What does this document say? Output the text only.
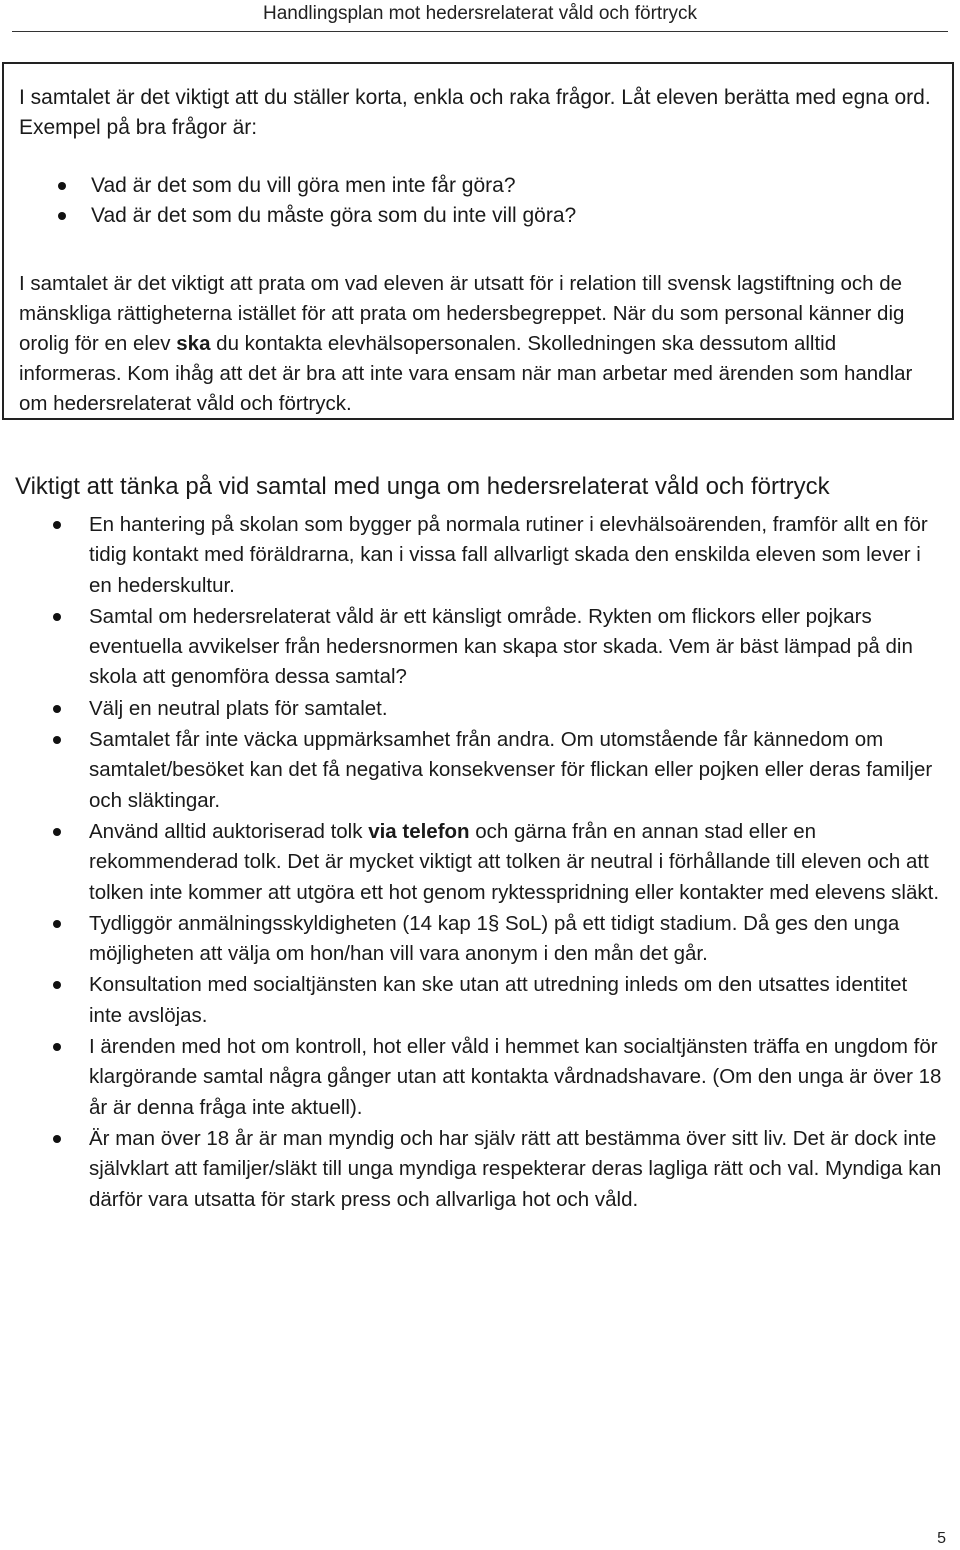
Handlingsplan mot hedersrelaterat våld och förtryck

I samtalet är det viktigt att du ställer korta, enkla och raka frågor. Låt eleven berätta med egna ord. Exempel på bra frågor är:

Vad är det som du vill göra men inte får göra?
Vad är det som du måste göra som du inte vill göra?

I samtalet är det viktigt att prata om vad eleven är utsatt för i relation till svensk lagstiftning och de mänskliga rättigheterna istället för att prata om hedersbegreppet. När du som personal känner dig orolig för en elev ska du kontakta elevhälsopersonalen. Skolledningen ska dessutom alltid informeras. Kom ihåg att det är bra att inte vara ensam när man arbetar med ärenden som handlar om hedersrelaterat våld och förtryck.

Viktigt att tänka på vid samtal med unga om hedersrelaterat våld och förtryck
En hantering på skolan som bygger på normala rutiner i elevhälsoärenden, framför allt en för tidig kontakt med föräldrarna, kan i vissa fall allvarligt skada den enskilda eleven som lever i en hederskultur.
Samtal om hedersrelaterat våld är ett känsligt område. Rykten om flickors eller pojkars eventuella avvikelser från hedersnormen kan skapa stor skada. Vem är bäst lämpad på din skola att genomföra dessa samtal?
Välj en neutral plats för samtalet.
Samtalet får inte väcka uppmärksamhet från andra. Om utomstående får kännedom om samtalet/besöket kan det få negativa konsekvenser för flickan eller pojken eller deras familjer och släktingar.
Använd alltid auktoriserad tolk via telefon och gärna från en annan stad eller en rekommenderad tolk. Det är mycket viktigt att tolken är neutral i förhållande till eleven och att tolken inte kommer att utgöra ett hot genom ryktesspridning eller kontakter med elevens släkt.
Tydliggör anmälningsskyldigheten (14 kap 1§ SoL) på ett tidigt stadium. Då ges den unga möjligheten att välja om hon/han vill vara anonym i den mån det går.
Konsultation med socialtjänsten kan ske utan att utredning inleds om den utsattes identitet inte avslöjas.
I ärenden med hot om kontroll, hot eller våld i hemmet kan socialtjänsten träffa en ungdom för klargörande samtal några gånger utan att kontakta vårdnadshavare. (Om den unga är över 18 år är denna fråga inte aktuell).
Är man över 18 år är man myndig och har själv rätt att bestämma över sitt liv. Det är dock inte självklart att familjer/släkt till unga myndiga respekterar deras lagliga rätt och val. Myndiga kan därför vara utsatta för stark press och allvarliga hot och våld.
5
